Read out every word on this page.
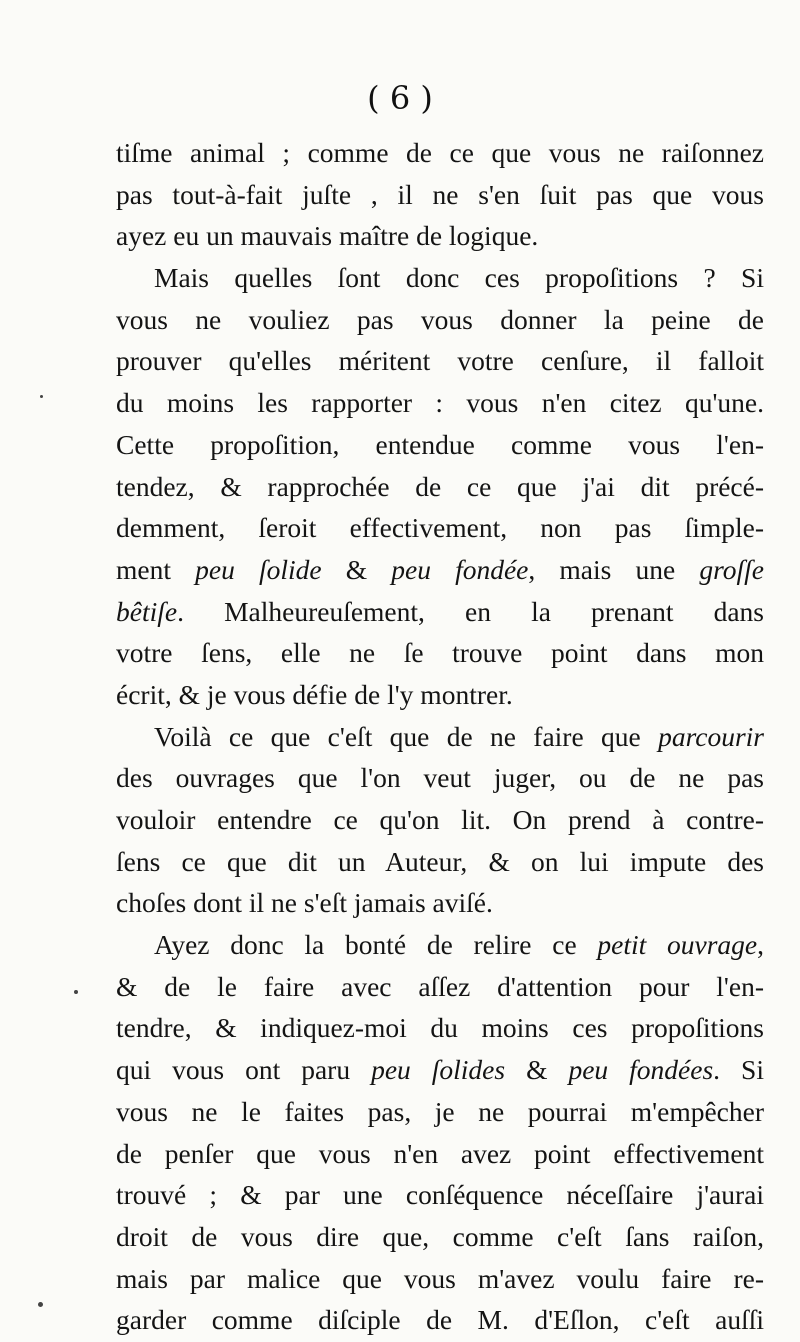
( 6 )
tiſme animal ; comme de ce que vous ne raiſonnez
pas tout-à-fait juſte , il ne s'en ſuit pas que vous
ayez eu un mauvais maître de logique.
Mais quelles ſont donc ces propoſitions ? Si
vous ne vouliez pas vous donner la peine de
prouver qu'elles méritent votre cenſure, il falloit
du moins les rapporter : vous n'en citez qu'une.
Cette propoſition, entendue comme vous l'en-
tendez, & rapprochée de ce que j'ai dit précé-
demment, ſeroit effectivement, non pas ſimple-
ment peu ſolide & peu fondée, mais une groſſe
bêtiſe. Malheureuſement, en la prenant dans
votre ſens, elle ne ſe trouve point dans mon
écrit, & je vous défie de l'y montrer.
Voilà ce que c'eſt que de ne faire que parcourir
des ouvrages que l'on veut juger, ou de ne pas
vouloir entendre ce qu'on lit. On prend à contre-
ſens ce que dit un Auteur, & on lui impute des
choſes dont il ne s'eſt jamais aviſé.
Ayez donc la bonté de relire ce petit ouvrage,
& de le faire avec aſſez d'attention pour l'en-
tendre, & indiquez-moi du moins ces propoſitions
qui vous ont paru peu ſolides & peu fondées. Si
vous ne le faites pas, je ne pourrai m'empêcher
de penſer que vous n'en avez point effectivement
trouvé ; & par une conſéquence néceſſaire j'aurai
droit de vous dire que, comme c'eſt ſans raiſon,
mais par malice que vous m'avez voulu faire re-
garder comme diſciple de M. d'Eſlon, c'eſt auſſi
